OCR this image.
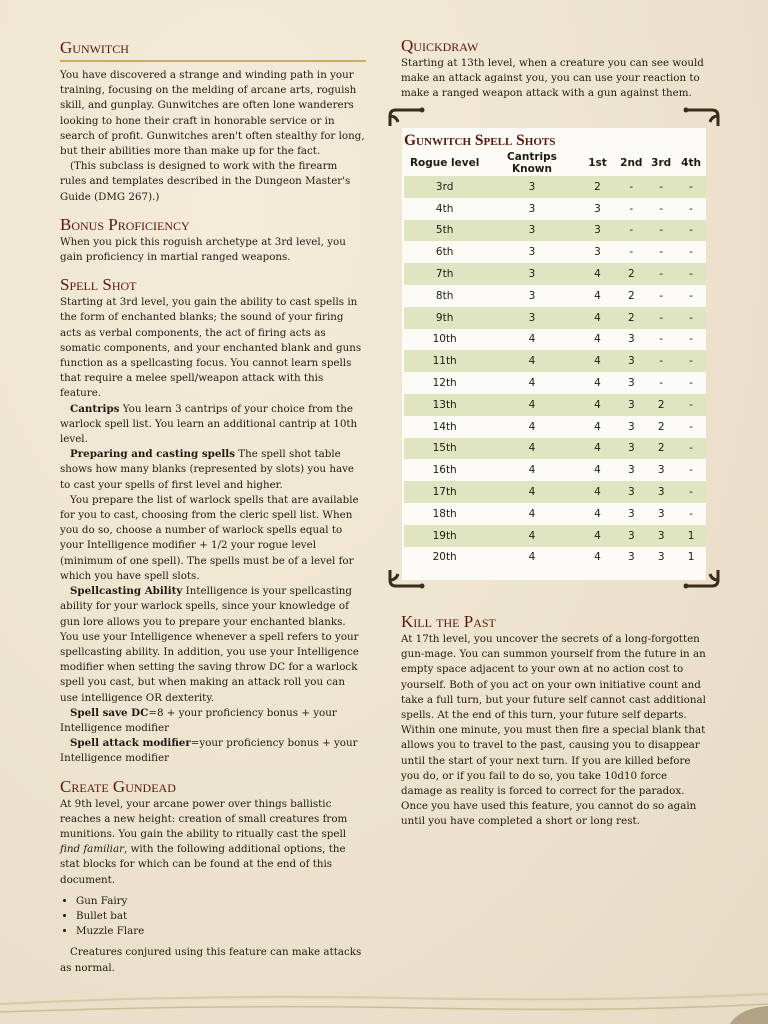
Gunwitch

You have discovered a strange and winding path in your training, focusing on the melding of arcane arts, roguish skill, and gunplay. Gunwitches are often lone wanderers looking to hone their craft in honorable service or in search of profit. Gunwitches aren't often stealthy for long, but their abilities more than make up for the fact.

(This subclass is designed to work with the firearm rules and templates described in the Dungeon Master's Guide (DMG 267).)

Bonus Proficiency

When you pick this roguish archetype at 3rd level, you gain proficiency in martial ranged weapons.

Spell Shot

Starting at 3rd level, you gain the ability to cast spells in the form of enchanted blanks; the sound of your firing acts as verbal components, the act of firing acts as somatic components, and your enchanted blank and guns function as a spellcasting focus. You cannot learn spells that require a melee spell/weapon attack with this feature.

Cantrips You learn 3 cantrips of your choice from the warlock spell list. You learn an additional cantrip at 10th level.

Preparing and casting spells The spell shot table shows how many blanks (represented by slots) you have to cast your spells of first level and higher.

You prepare the list of warlock spells that are available for you to cast, choosing from the cleric spell list. When you do so, choose a number of warlock spells equal to your Intelligence modifier + 1/2 your rogue level (minimum of one spell). The spells must be of a level for which you have spell slots.

Spellcasting Ability Intelligence is your spellcasting ability for your warlock spells, since your knowledge of gun lore allows you to prepare your enchanted blanks. You use your Intelligence whenever a spell refers to your spellcasting ability. In addition, you use your Intelligence modifier when setting the saving throw DC for a warlock spell you cast, but when making an attack roll you can use intelligence OR dexterity.

Spell save DC=8 + your proficiency bonus + your Intelligence modifier

Spell attack modifier=your proficiency bonus + your Intelligence modifier

Create Gundead

At 9th level, your arcane power over things ballistic reaches a new height: creation of small creatures from munitions. You gain the ability to ritually cast the spell find familiar, with the following additional options, the stat blocks for which can be found at the end of this document.

• Gun Fairy
• Bullet bat
• Muzzle Flare

Creatures conjured using this feature can make attacks as normal.

Quickdraw

Starting at 13th level, when a creature you can see would make an attack against you, you can use your reaction to make a ranged weapon attack with a gun against them.

Gunwitch Spell Shots
Rogue level	Cantrips Known	1st	2nd	3rd	4th
3rd	3	2	-	-	-
4th	3	3	-	-	-
5th	3	3	-	-	-
6th	3	3	-	-	-
7th	3	4	2	-	-
8th	3	4	2	-	-
9th	3	4	2	-	-
10th	4	4	3	-	-
11th	4	4	3	-	-
12th	4	4	3	-	-
13th	4	4	3	2	-
14th	4	4	3	2	-
15th	4	4	3	2	-
16th	4	4	3	3	-
17th	4	4	3	3	-
18th	4	4	3	3	-
19th	4	4	3	3	1
20th	4	4	3	3	1
Kill the Past

At 17th level, you uncover the secrets of a long-forgotten gun-mage. You can summon yourself from the future in an empty space adjacent to your own at no action cost to yourself. Both of you act on your own initiative count and take a full turn, but your future self cannot cast additional spells. At the end of this turn, your future self departs. Within one minute, you must then fire a special blank that allows you to travel to the past, causing you to disappear until the start of your next turn. If you are killed before you do, or if you fail to do so, you take 10d10 force damage as reality is forced to correct for the paradox. Once you have used this feature, you cannot do so again until you have completed a short or long rest.
